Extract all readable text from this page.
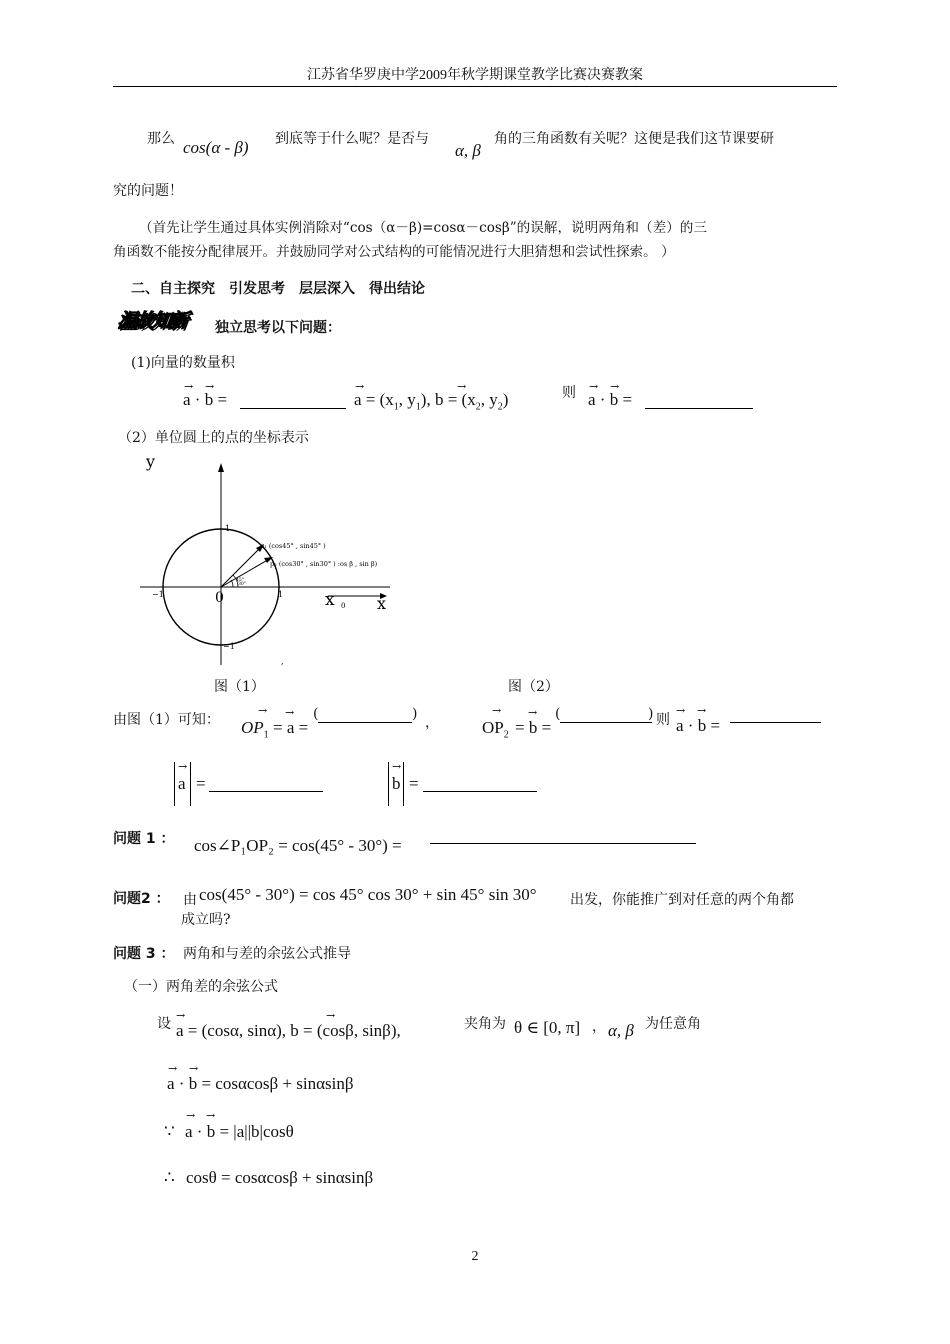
江苏省华罗庚中学2009年秋学期课堂教学比赛决赛教案
那么 cos(α - β) 到底等于什么呢？是否与
α, β
角的三角函数有关呢？这便是我们这节课要研
究的问题！
（首先让学生通过具体实例消除对“cos（α－β)=cosα－cosβ”的误解，说明两角和（差）的三
角函数不能按分配律展开。并鼓励同学对公式结构的可能情况进行大胆猜想和尝试性探索。 ）
二、自主探究　引发思考　层层深入　得出结论
温故知新 独立思考以下问题：
(1)向量的数量积
a · b =	$a = (x_1$, $y_1$), $b = (x_2$, $y_2$)	则 a · b =
→ →	→	→	→ →
（2）单位圆上的点的坐标表示
y
x	x
0
0	1
−1
1
−1
p₁ (cos45° , sin45° )
p₂ (cos30° , sin30° ) :os β , sin β)
45°
30°
,
图（1）	图（2）
由图（1）可知： $OP_1$
→
= a =
→ (	)
，	$OP_2$
→
= b =
→ (	) 则 a · b =
→ →
a
→
=	b
→
=
问题 1 ： cos∠P₁OP₂ = cos(45° - 30°) =
问题2 ： 由 cos(45° - 30°) = cos 45° cos 30° + sin 45° sin 30° 出发，你能推广到对任意的两个角都
成立吗?
问题 3 ： 两角和与差的余弦公式推导
（一）两角差的余弦公式
设 a = (cosα, sinα), b = (cosβ, sinβ),
→	→
夹角为 θ ∈ [0, π] ， α, β 为任意角
a · b = cosαcosβ + sinαsinβ
→ →
∵ a · b = |a||b|cosθ
→ →
∴ cosθ = cosαcosβ + sinαsinβ
2
